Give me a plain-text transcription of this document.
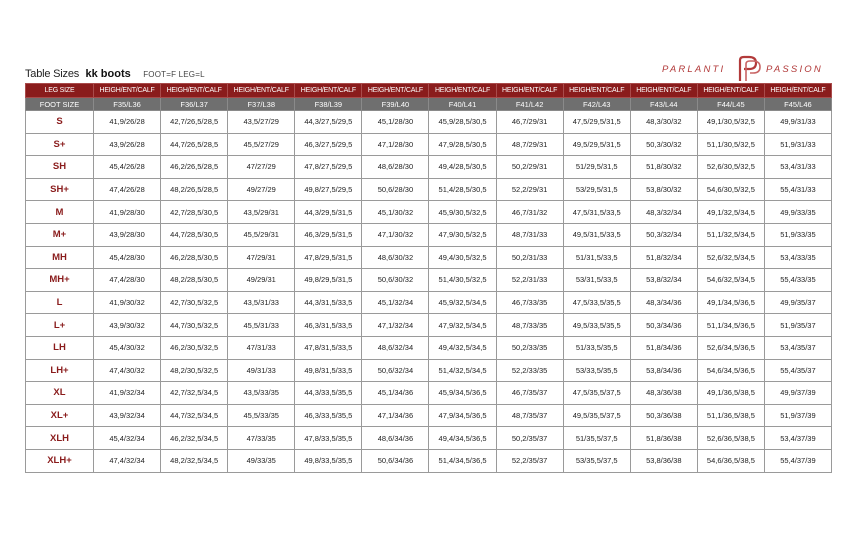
Table Sizes kk boots FOOT=F LEG=L	PARLANTI	PASSION
LEG SIZE	HEIGH/ENT/CALF	HEIGH/ENT/CALF	HEIGH/ENT/CALF	HEIGH/ENT/CALF	HEIGH/ENT/CALF	HEIGH/ENT/CALF	HEIGH/ENT/CALF	HEIGH/ENT/CALF	HEIGH/ENT/CALF	HEIGH/ENT/CALF	HEIGH/ENT/CALF
FOOT SIZE	F35/L36	F36/L37	F37/L38	F38/L39	F39/L40	F40/L41	F41/L42	F42/L43	F43/L44	F44/L45	F45/L46
S	41,9/26/28	42,7/26,5/28,5	43,5/27/29	44,3/27,5/29,5	45,1/28/30	45,9/28,5/30,5	46,7/29/31	47,5/29,5/31,5	48,3/30/32	49,1/30,5/32,5	49,9/31/33
S+	43,9/26/28	44,7/26,5/28,5	45,5/27/29	46,3/27,5/29,5	47,1/28/30	47,9/28,5/30,5	48,7/29/31	49,5/29,5/31,5	50,3/30/32	51,1/30,5/32,5	51,9/31/33
SH	45,4/26/28	46,2/26,5/28,5	47/27/29	47,8/27,5/29,5	48,6/28/30	49,4/28,5/30,5	50,2/29/31	51/29,5/31,5	51,8/30/32	52,6/30,5/32,5	53,4/31/33
SH+	47,4/26/28	48,2/26,5/28,5	49/27/29	49,8/27,5/29,5	50,6/28/30	51,4/28,5/30,5	52,2/29/31	53/29,5/31,5	53,8/30/32	54,6/30,5/32,5	55,4/31/33
M	41,9/28/30	42,7/28,5/30,5	43,5/29/31	44,3/29,5/31,5	45,1/30/32	45,9/30,5/32,5	46,7/31/32	47,5/31,5/33,5	48,3/32/34	49,1/32,5/34,5	49,9/33/35
M+	43,9/28/30	44,7/28,5/30,5	45,5/29/31	46,3/29,5/31,5	47,1/30/32	47,9/30,5/32,5	48,7/31/33	49,5/31,5/33,5	50,3/32/34	51,1/32,5/34,5	51,9/33/35
MH	45,4/28/30	46,2/28,5/30,5	47/29/31	47,8/29,5/31,5	48,6/30/32	49,4/30,5/32,5	50,2/31/33	51/31,5/33,5	51,8/32/34	52,6/32,5/34,5	53,4/33/35
MH+	47,4/28/30	48,2/28,5/30,5	49/29/31	49,8/29,5/31,5	50,6/30/32	51,4/30,5/32,5	52,2/31/33	53/31,5/33,5	53,8/32/34	54,6/32,5/34,5	55,4/33/35
L	41,9/30/32	42,7/30,5/32,5	43,5/31/33	44,3/31,5/33,5	45,1/32/34	45,9/32,5/34,5	46,7/33/35	47,5/33,5/35,5	48,3/34/36	49,1/34,5/36,5	49,9/35/37
L+	43,9/30/32	44,7/30,5/32,5	45,5/31/33	46,3/31,5/33,5	47,1/32/34	47,9/32,5/34,5	48,7/33/35	49,5/33,5/35,5	50,3/34/36	51,1/34,5/36,5	51,9/35/37
LH	45,4/30/32	46,2/30,5/32,5	47/31/33	47,8/31,5/33,5	48,6/32/34	49,4/32,5/34,5	50,2/33/35	51/33,5/35,5	51,8/34/36	52,6/34,5/36,5	53,4/35/37
LH+	47,4/30/32	48,2/30,5/32,5	49/31/33	49,8/31,5/33,5	50,6/32/34	51,4/32,5/34,5	52,2/33/35	53/33,5/35,5	53,8/34/36	54,6/34,5/36,5	55,4/35/37
XL	41,9/32/34	42,7/32,5/34,5	43,5/33/35	44,3/33,5/35,5	45,1/34/36	45,9/34,5/36,5	46,7/35/37	47,5/35,5/37,5	48,3/36/38	49,1/36,5/38,5	49,9/37/39
XL+	43,9/32/34	44,7/32,5/34,5	45,5/33/35	46,3/33,5/35,5	47,1/34/36	47,9/34,5/36,5	48,7/35/37	49,5/35,5/37,5	50,3/36/38	51,1/36,5/38,5	51,9/37/39
XLH	45,4/32/34	46,2/32,5/34,5	47/33/35	47,8/33,5/35,5	48,6/34/36	49,4/34,5/36,5	50,2/35/37	51/35,5/37,5	51,8/36/38	52,6/36,5/38,5	53,4/37/39
XLH+	47,4/32/34	48,2/32,5/34,5	49/33/35	49,8/33,5/35,5	50,6/34/36	51,4/34,5/36,5	52,2/35/37	53/35,5/37,5	53,8/36/38	54,6/36,5/38,5	55,4/37/39
